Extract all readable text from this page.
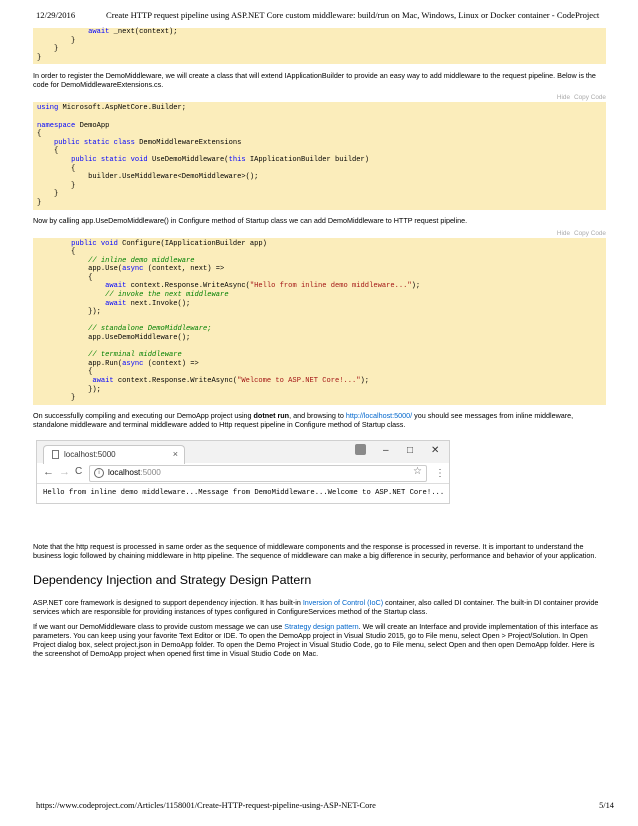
12/29/2016	Create HTTP request pipeline using ASP.NET Core custom middleware: build/run on Mac, Windows, Linux or Docker container - CodeProject
await _next(context);
}
}
}

In order to register the DemoMiddleware, we will create a class that will extend IApplicationBuilder to provide an easy way to add middleware to the request pipeline. Below is the code for DemoMiddlewareExtensions.cs.

Hide Copy Code
using Microsoft.AspNetCore.Builder;

namespace DemoApp
{
public static class DemoMiddlewareExtensions
{
public static void UseDemoMiddleware(this IApplicationBuilder builder)
{
builder.UseMiddleware<DemoMiddleware>();
}
}
}

Now by calling app.UseDemoMiddleware() in Configure method of Startup class we can add DemoMiddleware to HTTP request pipeline.

Hide Copy Code
public void Configure(IApplicationBuilder app)
{
// inline demo middleware
app.Use(async (context, next) =>
{
await context.Response.WriteAsync("Hello from inline demo middleware...");
// invoke the next middleware
await next.Invoke();
});

// standalone DemoMiddleware;
app.UseDemoMiddleware();

// terminal middleware
app.Run(async (context) =>
{
await context.Response.WriteAsync("Welcome to ASP.NET Core!...");
});
}

On successfully compiling and executing our DemoApp project using dotnet run, and browsing to http://localhost:5000/ you should see messages from inline middleware, standalone middleware and terminal middleware added to Http request pipeline in Configure method of Startup class.

localhost:5000	×	– □ ✕
← → C	i	localhost:5000	☆ ⋮
Hello from inline demo middleware...Message from DemoMiddleware...Welcome to ASP.NET Core!...

Note that the http request is processed in same order as the sequence of middleware components and the response is processed in reverse. It is important to understand the business logic followed by chaining middleware in http pipeline. The sequence of middleware can make a big difference in security, performance and behavior of your application.

Dependency Injection and Strategy Design Pattern

ASP.NET core framework is designed to support dependency injection. It has built-in Inversion of Control (IoC) container, also called DI container. The built-in DI container provide services which are responsible for providing instances of types configured in ConfigureServices method of the Startup class.

If we want our DemoMiddleware class to provide custom message we can use Strategy design pattern. We will create an Interface and provide implementation of this interface as parameters. You can keep using your favorite Text Editor or IDE. To open the DemoApp project in Visual Studio 2015, go to File menu, select Open > Project/Solution. In Open Project dialog box, select project.json in DemoApp folder. To open the Demo Project in Visual Studio Code, go to File menu, select Open and then open DemoApp folder. Here is the screenshot of DemoApp project when opened first time in Visual Studio Code on Mac.

https://www.codeproject.com/Articles/1158001/Create-HTTP-request-pipeline-using-ASP-NET-Core	5/14
